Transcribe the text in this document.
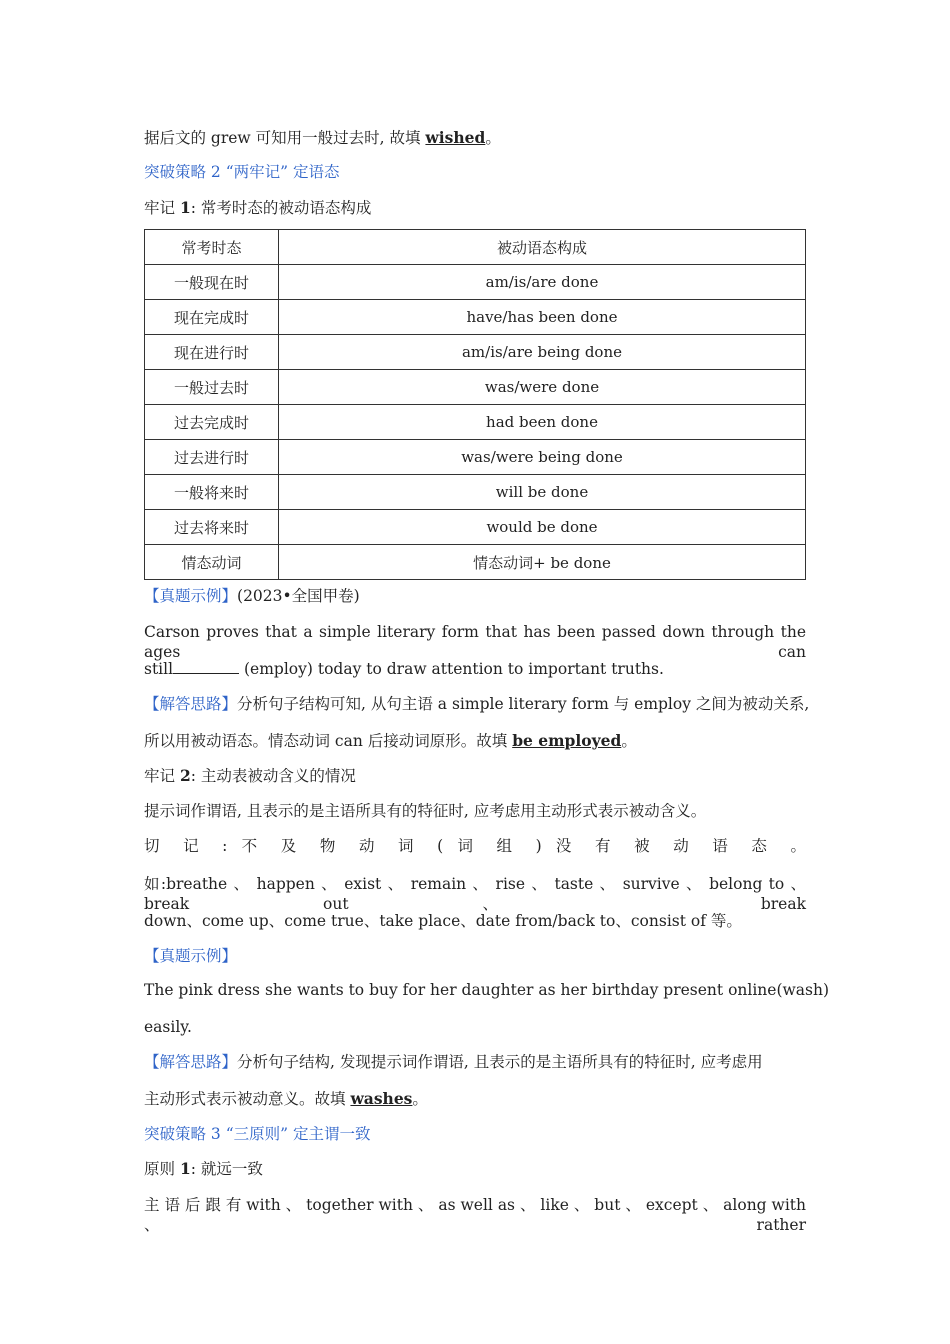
据后文的 grew 可知用一般过去时, 故填 wished。
突破策略 2 “两牢记” 定语态
牢记 1: 常考时态的被动语态构成
常考时态	被动语态构成
一般现在时	am/is/are done
现在完成时	have/has been done
现在进行时	am/is/are being done
一般过去时	was/were done
过去完成时	had been done
过去进行时	was/were being done
一般将来时	will be done
过去将来时	would be done
情态动词	情态动词+ be done
【真题示例】(2023•全国甲卷)
Carson proves that a simple literary form that has been passed down through the ages can
still	(employ) today to draw attention to important truths.
【解答思路】分析句子结构可知, 从句主语 a simple literary form 与 employ 之间为被动关系,
所以用被动语态。情态动词 can 后接动词原形。故填 be employed。
牢记 2: 主动表被动含义的情况
提示词作谓语, 且表示的是主语所具有的特征时, 应考虑用主动形式表示被动含义。
切 记 : 不 及 物 动 词 ( 词 组 ) 没 有 被 动 语 态 。
如:breathe 、 happen 、 exist 、 remain 、 rise 、 taste 、 survive 、 belong to 、 break out 、 break
down、come up、come true、take place、date from/back to、consist of 等。
【真题示例】
The pink dress she wants to buy for her daughter as her birthday present online (wash)
easily.
【解答思路】分析句子结构, 发现提示词作谓语, 且表示的是主语所具有的特征时, 应考虑用
主动形式表示被动意义。故填 washes。
突破策略 3 “三原则” 定主谓一致
原则 1: 就远一致
主 语 后 跟 有 with 、 together with 、 as well as 、 like 、 but 、 except 、 along with 、 rather
